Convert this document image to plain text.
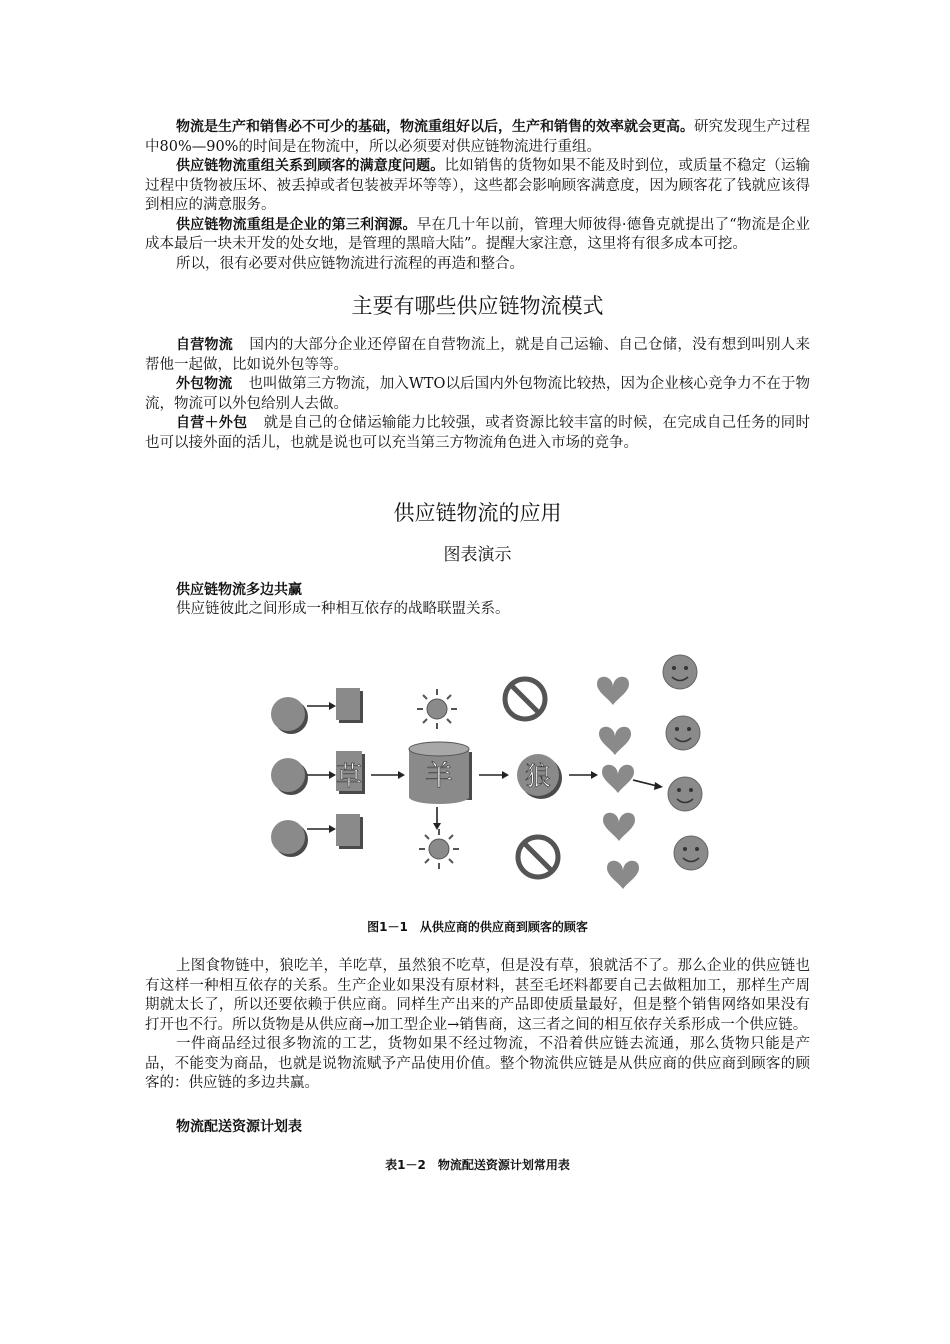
物流是生产和销售必不可少的基础，物流重组好以后，生产和销售的效率就会更高。研究发现生产过程中80%—90%的时间是在物流中，所以必须要对供应链物流进行重组。

供应链物流重组关系到顾客的满意度问题。比如销售的货物如果不能及时到位，或质量不稳定（运输过程中货物被压坏、被丢掉或者包装被弄坏等等），这些都会影响顾客满意度，因为顾客花了钱就应该得到相应的满意服务。

供应链物流重组是企业的第三利润源。早在几十年以前，管理大师彼得·德鲁克就提出了“物流是企业成本最后一块未开发的处女地，是管理的黑暗大陆”。提醒大家注意，这里将有很多成本可挖。

所以，很有必要对供应链物流进行流程的再造和整合。

主要有哪些供应链物流模式

自营物流 国内的大部分企业还停留在自营物流上，就是自己运输、自己仓储，没有想到叫别人来帮他一起做，比如说外包等等。

外包物流 也叫做第三方物流，加入WTO以后国内外包物流比较热，因为企业核心竞争力不在于物流，物流可以外包给别人去做。

自营＋外包 就是自己的仓储运输能力比较强，或者资源比较丰富的时候，在完成自己任务的同时也可以接外面的活儿，也就是说也可以充当第三方物流角色进入市场的竞争。

供应链物流的应用
图表演示
供应链物流多边共赢
供应链彼此之间形成一种相互依存的战略联盟关系。
草 羊	狼
图1－1　从供应商的供应商到顾客的顾客

上图食物链中，狼吃羊，羊吃草，虽然狼不吃草，但是没有草，狼就活不了。那么企业的供应链也有这样一种相互依存的关系。生产企业如果没有原材料，甚至毛坯料都要自己去做粗加工，那样生产周期就太长了，所以还要依赖于供应商。同样生产出来的产品即使质量最好，但是整个销售网络如果没有打开也不行。所以货物是从供应商→加工型企业→销售商，这三者之间的相互依存关系形成一个供应链。

一件商品经过很多物流的工艺，货物如果不经过物流，不沿着供应链去流通，那么货物只能是产品，不能变为商品，也就是说物流赋予产品使用价值。整个物流供应链是从供应商的供应商到顾客的顾客的：供应链的多边共赢。

物流配送资源计划表
表1－2　物流配送资源计划常用表
